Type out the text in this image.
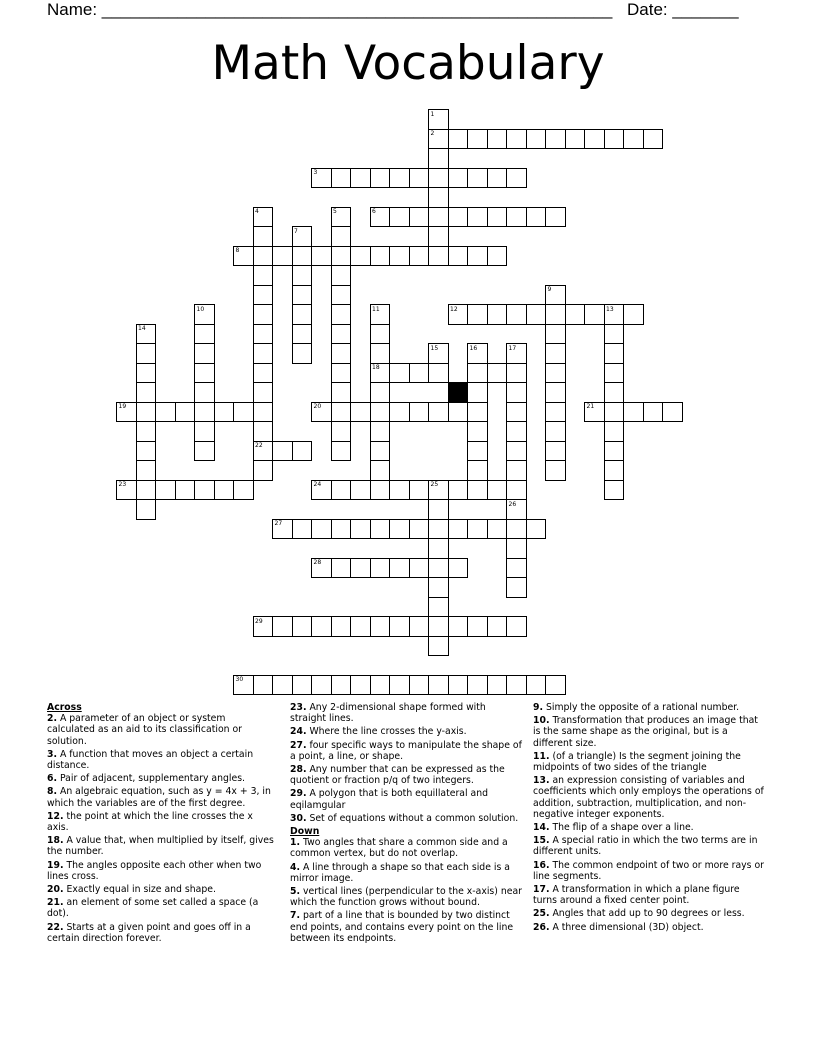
Name: ______________________________________________________ Date: _______
Math Vocabulary
1
2
3
4	5	6
7
8
9
10	11	12	13
14
15	16	17
18
19	20	21
22
23	24	25
26
27
28
29
30
Across
2. A parameter of an object or system calculated as an aid to its classification or solution.
3. A function that moves an object a certain distance.
6. Pair of adjacent, supplementary angles.
8. An algebraic equation, such as y = 4x + 3, in which the variables are of the first degree.
12. the point at which the line crosses the x axis.
18. A value that, when multiplied by itself, gives the number.
19. The angles opposite each other when two lines cross.
20. Exactly equal in size and shape.
21. an element of some set called a space (a dot).
22. Starts at a given point and goes off in a certain direction forever.
23. Any 2-dimensional shape formed with straight lines.
24. Where the line crosses the y-axis.
27. four specific ways to manipulate the shape of a point, a line, or shape.
28. Any number that can be expressed as the quotient or fraction p/q of two integers.
29. A polygon that is both equillateral and eqilamgular
30. Set of equations without a common solution.
Down
1. Two angles that share a common side and a common vertex, but do not overlap.
4. A line through a shape so that each side is a mirror image.
5. vertical lines (perpendicular to the x-axis) near which the function grows without bound.
7. part of a line that is bounded by two distinct end points, and contains every point on the line between its endpoints.
9. Simply the opposite of a rational number.
10. Transformation that produces an image that is the same shape as the original, but is a different size.
11. (of a triangle) Is the segment joining the midpoints of two sides of the triangle
13. an expression consisting of variables and coefficients which only employs the operations of addition, subtraction, multiplication, and non-negative integer exponents.
14. The flip of a shape over a line.
15. A special ratio in which the two terms are in different units.
16. The common endpoint of two or more rays or line segments.
17. A transformation in which a plane figure turns around a fixed center point.
25. Angles that add up to 90 degrees or less.
26. A three dimensional (3D) object.
